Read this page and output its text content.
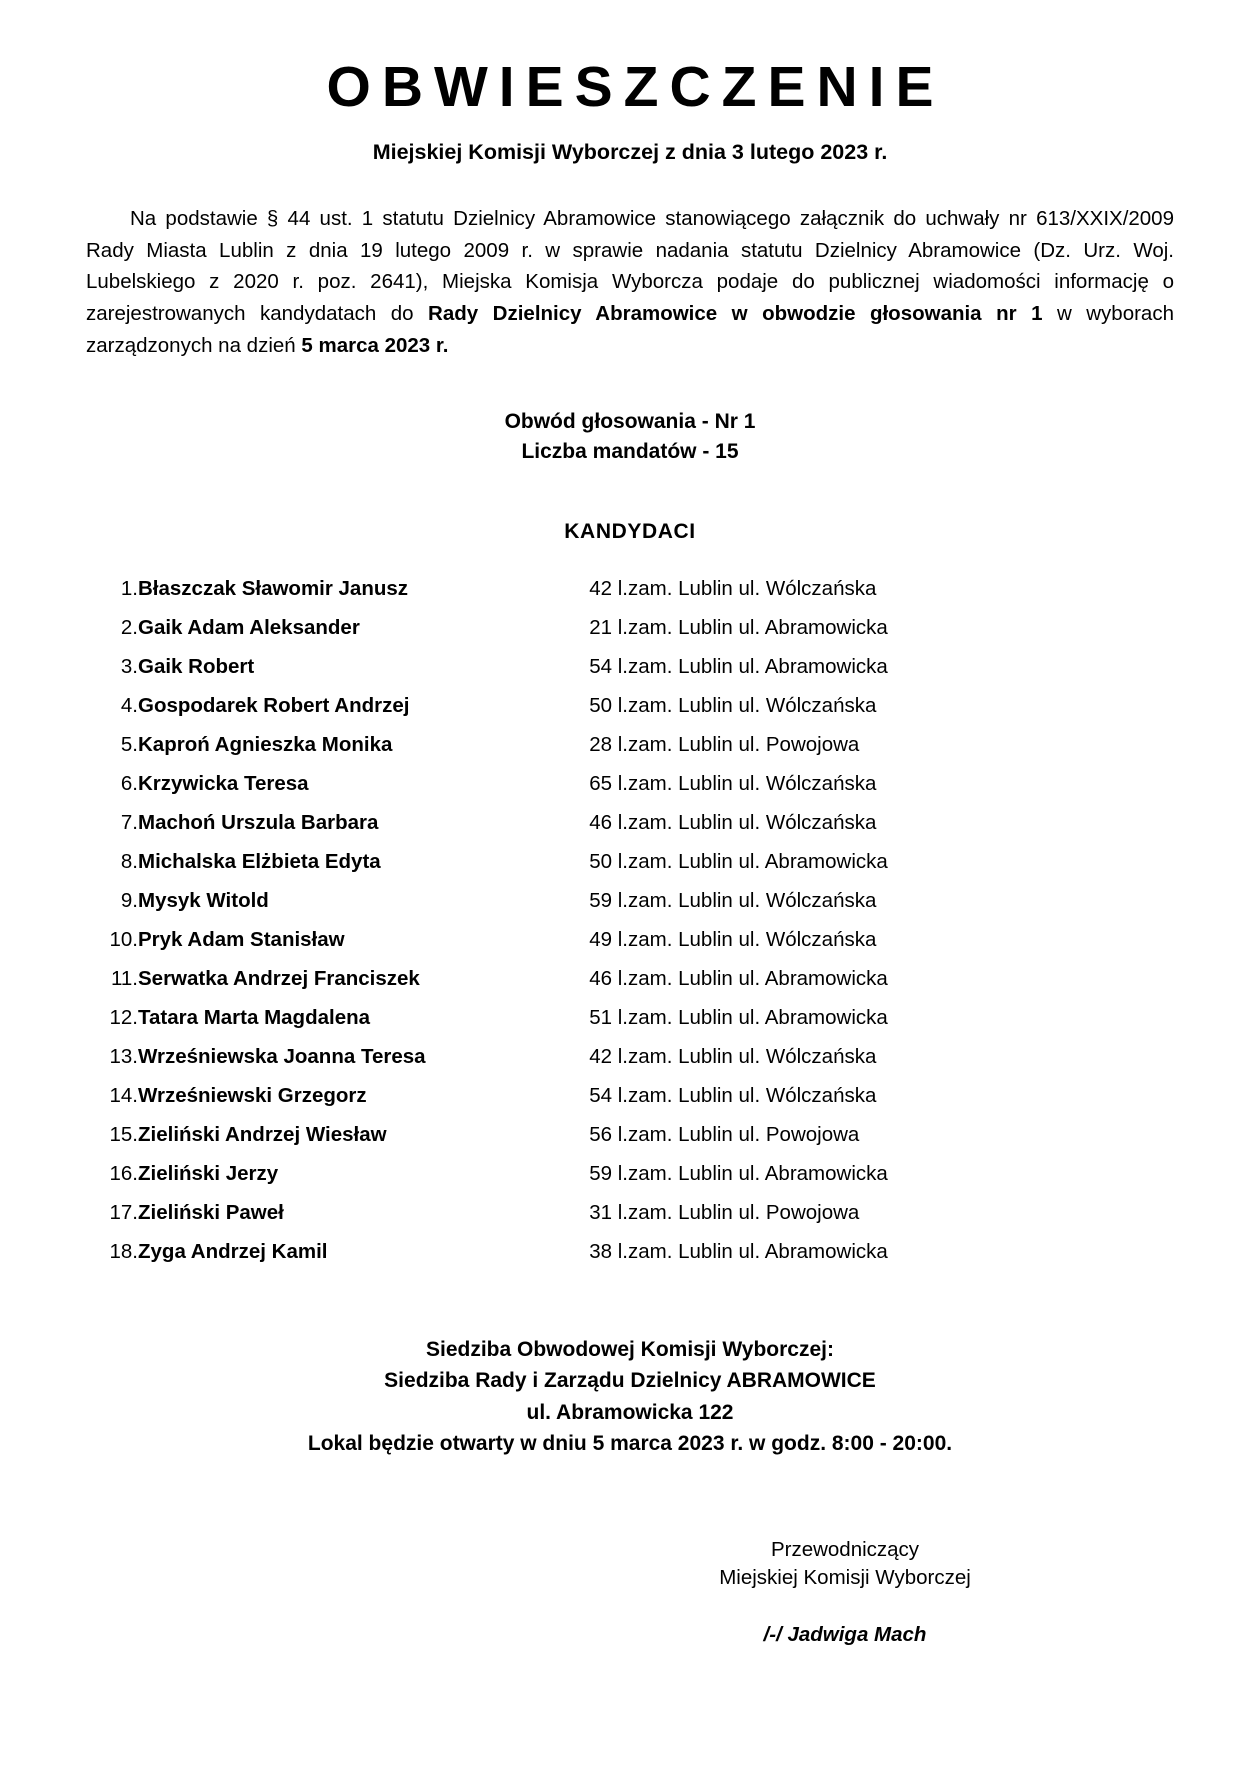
OBWIESZCZENIE
Miejskiej Komisji Wyborczej z dnia 3 lutego 2023 r.

Na podstawie § 44 ust. 1 statutu Dzielnicy Abramowice stanowiącego załącznik do uchwały nr 613/XXIX/2009 Rady Miasta Lublin z dnia 19 lutego 2009 r. w sprawie nadania statutu Dzielnicy Abramowice (Dz. Urz. Woj. Lubelskiego z 2020 r. poz. 2641), Miejska Komisja Wyborcza podaje do publicznej wiadomości informację o zarejestrowanych kandydatach do Rady Dzielnicy Abramowice w obwodzie głosowania nr 1 w wyborach zarządzonych na dzień 5 marca 2023 r.

Obwód głosowania - Nr 1
Liczba mandatów - 15
KANDYDACI
1.	Błaszczak Sławomir Janusz	42 l.	zam. Lublin ul. Wólczańska
2.	Gaik Adam Aleksander	21 l.	zam. Lublin ul. Abramowicka
3.	Gaik Robert	54 l.	zam. Lublin ul. Abramowicka
4.	Gospodarek Robert Andrzej	50 l.	zam. Lublin ul. Wólczańska
5.	Kaproń Agnieszka Monika	28 l.	zam. Lublin ul. Powojowa
6.	Krzywicka Teresa	65 l.	zam. Lublin ul. Wólczańska
7.	Machoń Urszula Barbara	46 l.	zam. Lublin ul. Wólczańska
8.	Michalska Elżbieta Edyta	50 l.	zam. Lublin ul. Abramowicka
9.	Mysyk Witold	59 l.	zam. Lublin ul. Wólczańska
10.	Pryk Adam Stanisław	49 l.	zam. Lublin ul. Wólczańska
11.	Serwatka Andrzej Franciszek	46 l.	zam. Lublin ul. Abramowicka
12.	Tatara Marta Magdalena	51 l.	zam. Lublin ul. Abramowicka
13.	Wrześniewska Joanna Teresa	42 l.	zam. Lublin ul. Wólczańska
14.	Wrześniewski Grzegorz	54 l.	zam. Lublin ul. Wólczańska
15.	Zieliński Andrzej Wiesław	56 l.	zam. Lublin ul. Powojowa
16.	Zieliński Jerzy	59 l.	zam. Lublin ul. Abramowicka
17.	Zieliński Paweł	31 l.	zam. Lublin ul. Powojowa
18.	Zyga Andrzej Kamil	38 l.	zam. Lublin ul. Abramowicka
Siedziba Obwodowej Komisji Wyborczej:
Siedziba Rady i Zarządu Dzielnicy ABRAMOWICE
ul. Abramowicka 122
Lokal będzie otwarty w dniu 5 marca 2023 r. w godz. 8:00 - 20:00.
Przewodniczący
Miejskiej Komisji Wyborczej
/-/ Jadwiga Mach
